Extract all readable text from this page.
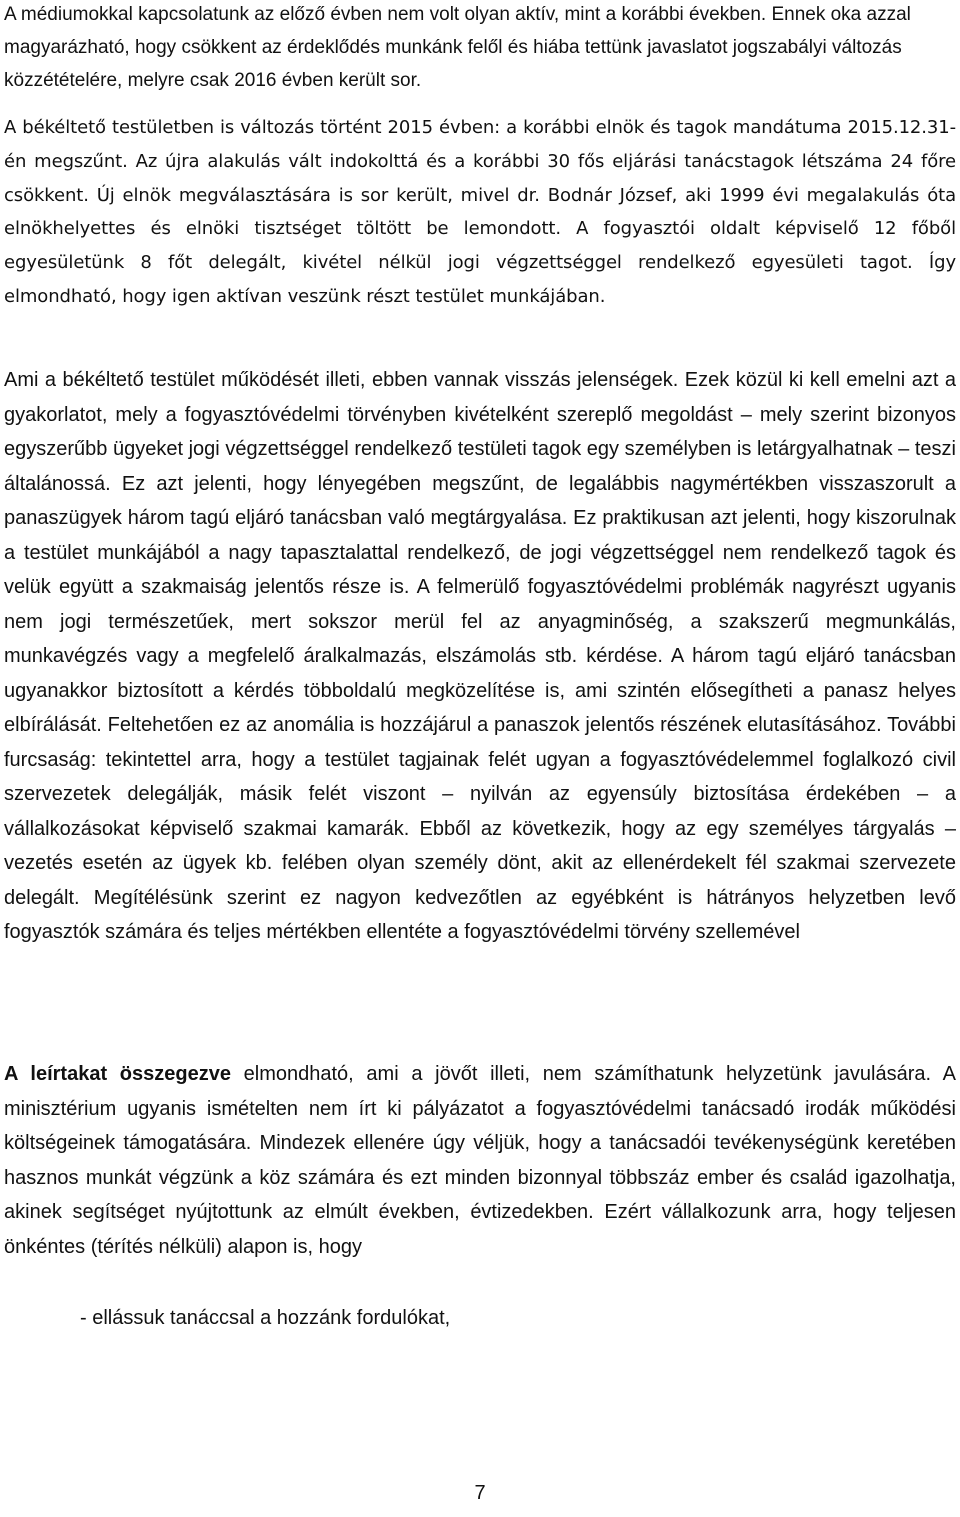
A médiumokkal kapcsolatunk az előző évben nem volt olyan aktív, mint a korábbi években. Ennek oka azzal magyarázható, hogy csökkent az érdeklődés munkánk felől és hiába tettünk javaslatot jogszabályi változás közzétételére, melyre csak 2016 évben került sor.

A békéltető testületben is változás történt 2015 évben: a korábbi elnök és tagok mandátuma 2015.12.31-én megszűnt. Az újra alakulás vált indokolttá és a korábbi 30 fős eljárási tanácstagok létszáma 24 főre csökkent. Új elnök megválasztására is sor került, mivel dr. Bodnár József, aki 1999 évi megalakulás óta elnökhelyettes és elnöki tisztséget töltött be lemondott. A fogyasztói oldalt képviselő 12 főből egyesületünk 8 főt delegált, kivétel nélkül jogi végzettséggel rendelkező egyesületi tagot. Így elmondható, hogy igen aktívan veszünk részt testület munkájában.

Ami a békéltető testület működését illeti, ebben vannak visszás jelenségek. Ezek közül ki kell emelni azt a gyakorlatot, mely a fogyasztóvédelmi törvényben kivételként szereplő megoldást – mely szerint bizonyos egyszerűbb ügyeket jogi végzettséggel rendelkező testületi tagok egy személyben is letárgyalhatnak – teszi általánossá. Ez azt jelenti, hogy lényegében megszűnt, de legalábbis nagymértékben visszaszorult a panaszügyek három tagú eljáró tanácsban való megtárgyalása. Ez praktikusan azt jelenti, hogy kiszorulnak a testület munkájából a nagy tapasztalattal rendelkező, de jogi végzettséggel nem rendelkező tagok és velük együtt a szakmaiság jelentős része is. A felmerülő fogyasztóvédelmi problémák nagyrészt ugyanis nem jogi természetűek, mert sokszor merül fel az anyagminőség, a szakszerű megmunkálás, munkavégzés vagy a megfelelő áralkalmazás, elszámolás stb. kérdése. A három tagú eljáró tanácsban ugyanakkor biztosított a kérdés többoldalú megközelítése is, ami szintén elősegítheti a panasz helyes elbírálását. Feltehetően ez az anomália is hozzájárul a panaszok jelentős részének elutasításához. További furcsaság: tekintettel arra, hogy a testület tagjainak felét ugyan a fogyasztóvédelemmel foglalkozó civil szervezetek delegálják, másik felét viszont – nyilván az egyensúly biztosítása érdekében – a vállalkozásokat képviselő szakmai kamarák. Ebből az következik, hogy az egy személyes tárgyalás – vezetés esetén az ügyek kb. felében olyan személy dönt, akit az ellenérdekelt fél szakmai szervezete delegált. Megítélésünk szerint ez nagyon kedvezőtlen az egyébként is hátrányos helyzetben levő fogyasztók számára és teljes mértékben ellentéte a fogyasztóvédelmi törvény szellemével

A leírtakat összegezve elmondható, ami a jövőt illeti, nem számíthatunk helyzetünk javulására. A minisztérium ugyanis ismételten nem írt ki pályázatot a fogyasztóvédelmi tanácsadó irodák működési költségeinek támogatására. Mindezek ellenére úgy véljük, hogy a tanácsadói tevékenységünk keretében hasznos munkát végzünk a köz számára és ezt minden bizonnyal többszáz ember és család igazolhatja, akinek segítséget nyújtottunk az elmúlt években, évtizedekben. Ezért vállalkozunk arra, hogy teljesen önkéntes (térítés nélküli) alapon is, hogy

- ellássuk tanáccsal a hozzánk fordulókat,

7
